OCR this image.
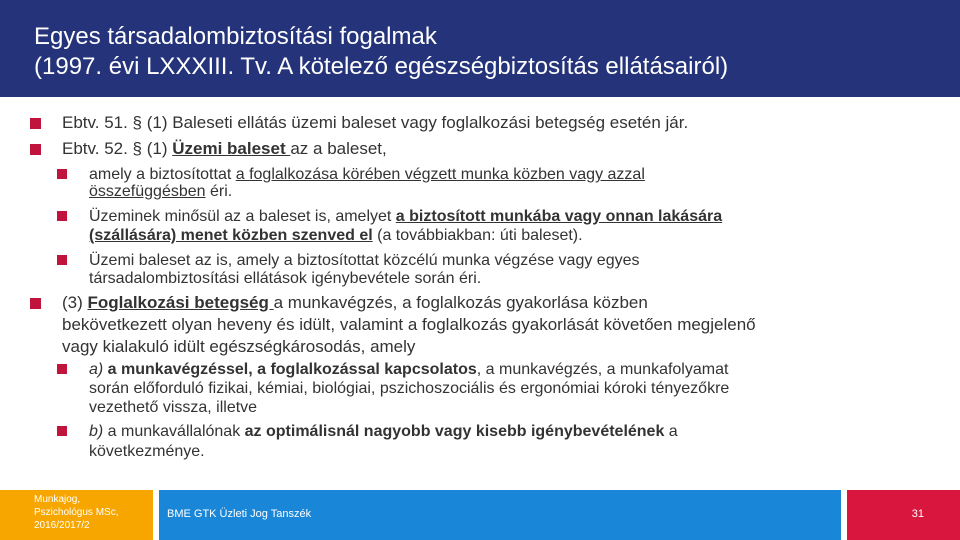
Egyes társadalombiztosítási fogalmak
(1997. évi LXXXIII. Tv. A kötelező egészségbiztosítás ellátásairól)
Ebtv. 51. § (1) Baleseti ellátás üzemi baleset vagy foglalkozási betegség esetén jár.
Ebtv. 52. § (1) Üzemi baleset az a baleset,
amely a biztosítottat a foglalkozása körében végzett munka közben vagy azzal
összefüggésben éri.
Üzeminek minősül az a baleset is, amelyet a biztosított munkába vagy onnan lakására
(szállására) menet közben szenved el (a továbbiakban: úti baleset).
Üzemi baleset az is, amely a biztosítottat közcélú munka végzése vagy egyes
társadalombiztosítási ellátások igénybevétele során éri.
(3) Foglalkozási betegség a munkavégzés, a foglalkozás gyakorlása közben
bekövetkezett olyan heveny és idült, valamint a foglalkozás gyakorlását követően megjelenő
vagy kialakuló idült egészségkárosodás, amely
a) a munkavégzéssel, a foglalkozással kapcsolatos, a munkavégzés, a munkafolyamat
során előforduló fizikai, kémiai, biológiai, pszichoszociális és ergonómiai kóroki tényezőkre
vezethető vissza, illetve
b) a munkavállalónak az optimálisnál nagyobb vagy kisebb igénybevételének a
következménye.
Munkajog,
Pszichológus MSc,
2016/2017/2
BME GTK Üzleti Jog Tanszék	31
